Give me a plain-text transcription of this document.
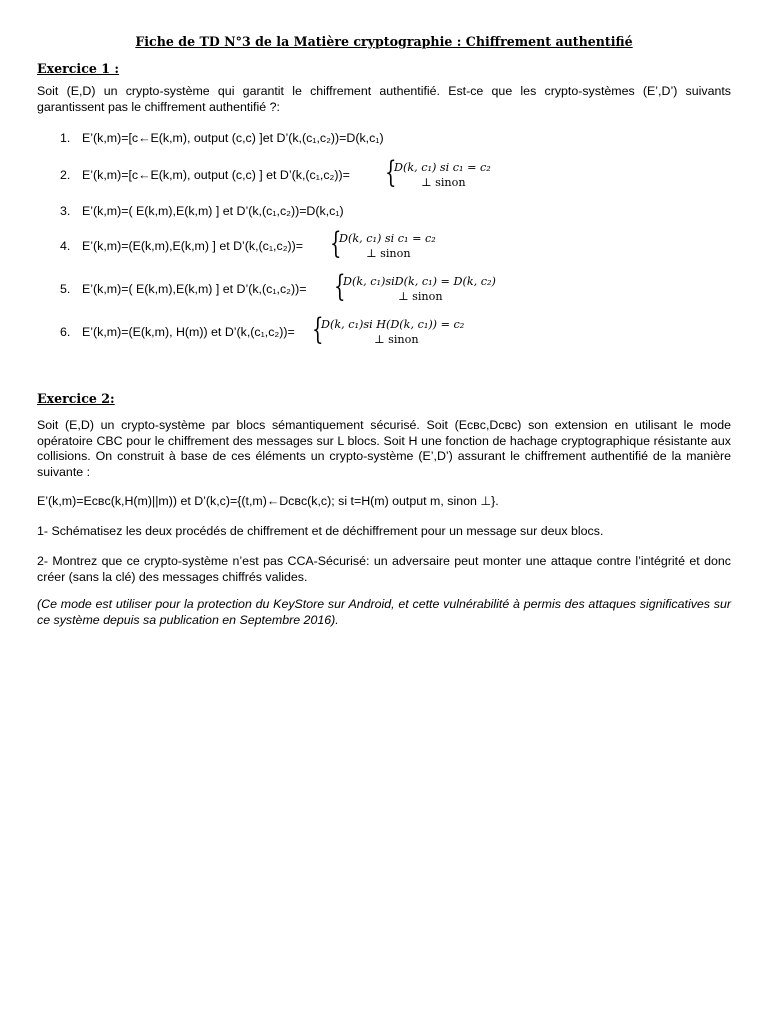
Fiche de TD N°3 de la Matière cryptographie : Chiffrement authentifié
Exercice 1 :

Soit (E,D) un crypto-système qui garantit le chiffrement authentifié. Est-ce que les crypto-systèmes (E’,D’) suivants garantissent pas le chiffrement authentifié ?:

1. E’(k,m)=[c←E(k,m), output (c,c) ]et D’(k,(c₁,c₂))=D(k,c₁)
2. E’(k,m)=[c←E(k,m), output (c,c) ] et D’(k,(c₁,c₂))= {
D(k, c₁) si c₁ = c₂
⊥ sinon
3. E’(k,m)=( E(k,m),E(k,m) ] et D’(k,(c₁,c₂))=D(k,c₁)
4. E’(k,m)=(E(k,m),E(k,m) ] et D’(k,(c₁,c₂))= {
D(k, c₁) si c₁ = c₂
⊥ sinon
5. E’(k,m)=( E(k,m),E(k,m) ] et D’(k,(c₁,c₂))= {
D(k, c₁)siD(k, c₁) = D(k, c₂)
⊥ sinon
6. E’(k,m)=(E(k,m), H(m)) et D’(k,(c₁,c₂))= {
D(k, c₁)si H(D(k, c₁)) = c₂
⊥ sinon
Exercice 2:

Soit (E,D) un crypto-système par blocs sémantiquement sécurisé. Soit (Eᴄʙᴄ,Dᴄʙᴄ) son extension en utilisant le mode opératoire CBC pour le chiffrement des messages sur L blocs. Soit H une fonction de hachage cryptographique résistante aux collisions. On construit à base de ces éléments un crypto-système (E’,D’) assurant le chiffrement authentifié de la manière suivante :

E’(k,m)=Eᴄʙᴄ(k,H(m)||m)) et D’(k,c)={(t,m)←Dᴄʙᴄ(k,c); si t=H(m) output m, sinon ⊥}.

1- Schématisez les deux procédés de chiffrement et de déchiffrement pour un message sur deux blocs.

2- Montrez que ce crypto-système n’est pas CCA-Sécurisé: un adversaire peut monter une attaque contre l’intégrité et donc créer (sans la clé) des messages chiffrés valides.

(Ce mode est utiliser pour la protection du KeyStore sur Android, et cette vulnérabilité à permis des attaques significatives sur ce système depuis sa publication en Septembre 2016).
